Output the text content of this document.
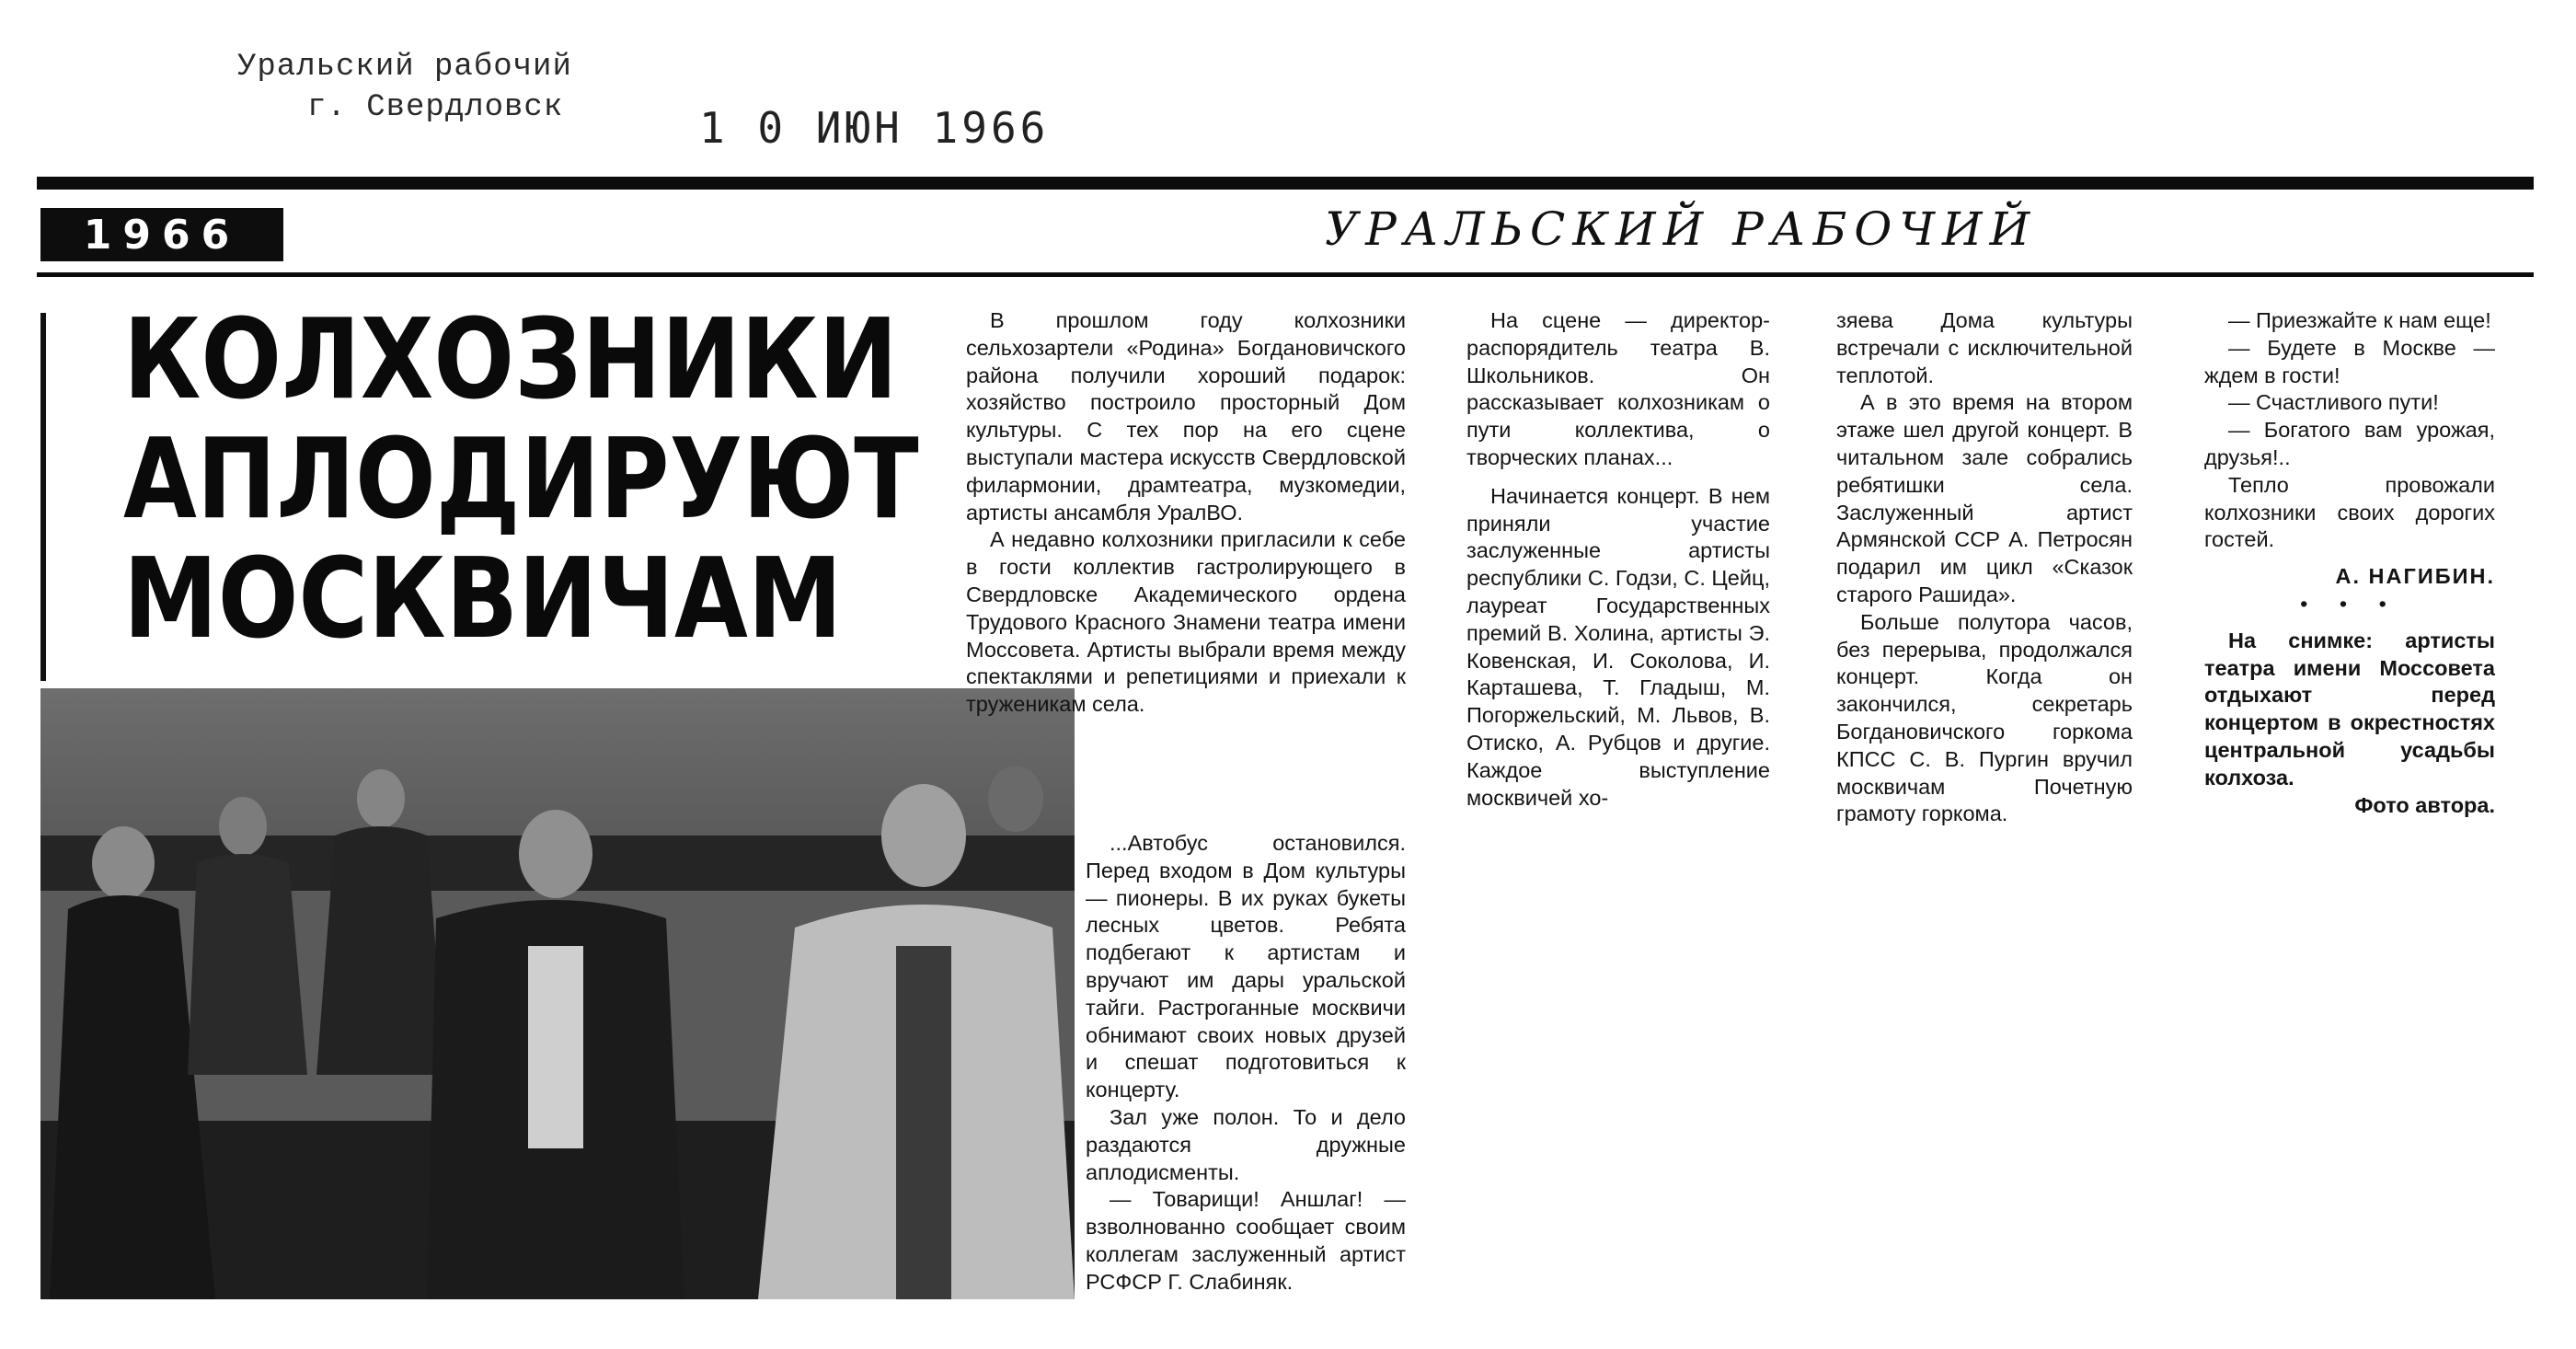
Уральский рабочий
г. Свердловск	1 0 ИЮН 1966
1966	УРАЛЬСКИЙ РАБОЧИЙ
КОЛХОЗНИКИ
АПЛОДИРУЮТ
МОСКВИЧАМ

В прошлом году колхозники сельхозартели «Родина» Богдановичского района получили хороший подарок: хозяйство построило просторный Дом культуры. С тех пор на его сцене выступали мастера искусств Свердловской филармонии, драмтеатра, музкомедии, артисты ансамбля УралВО.

А недавно колхозники пригласили к себе в гости коллектив гастролирующего в Свердловске Академического ордена Трудового Красного Знамени театра имени Моссовета. Артисты выбрали время между спектаклями и репетициями и приехали к труженикам села.

...Автобус остановился. Перед входом в Дом культуры — пионеры. В их руках букеты лесных цветов. Ребята подбегают к артистам и вручают им дары уральской тайги. Растроганные москвичи обнимают своих новых друзей и спешат подготовиться к концерту.

Зал уже полон. То и дело раздаются дружные аплодисменты.

— Товарищи! Аншлаг! — взволнованно сообщает своим коллегам заслуженный артист РСФСР Г. Слабиняк.

На сцене — директор-распорядитель театра В. Школьников. Он рассказывает колхозникам о пути коллектива, о творческих планах...

Начинается концерт. В нем приняли участие заслуженные артисты республики С. Годзи, С. Цейц, лауреат Государственных премий В. Холина, артисты Э. Ковенская, И. Соколова, И. Карташева, Т. Гладыш, М. Погоржельский, М. Львов, В. Отиско, А. Рубцов и другие. Каждое выступление москвичей хо-

зяева Дома культуры встречали с исключительной теплотой.

А в это время на втором этаже шел другой концерт. В читальном зале собрались ребятишки села. Заслуженный артист Армянской ССР А. Петросян подарил им цикл «Сказок старого Рашида».

Больше полутора часов, без перерыва, продолжался концерт. Когда он закончился, секретарь Богдановичского горкома КПСС С. В. Пургин вручил москвичам Почетную грамоту горкома.

— Приезжайте к нам еще!

— Будете в Москве — ждем в гости!

— Счастливого пути!

— Богатого вам урожая, друзья!..

Тепло провожали колхозники своих дорогих гостей.

А. НАГИБИН.

• • •

На снимке: артисты театра имени Моссовета отдыхают перед концертом в окрестностях центральной усадьбы колхоза.

Фото автора.
